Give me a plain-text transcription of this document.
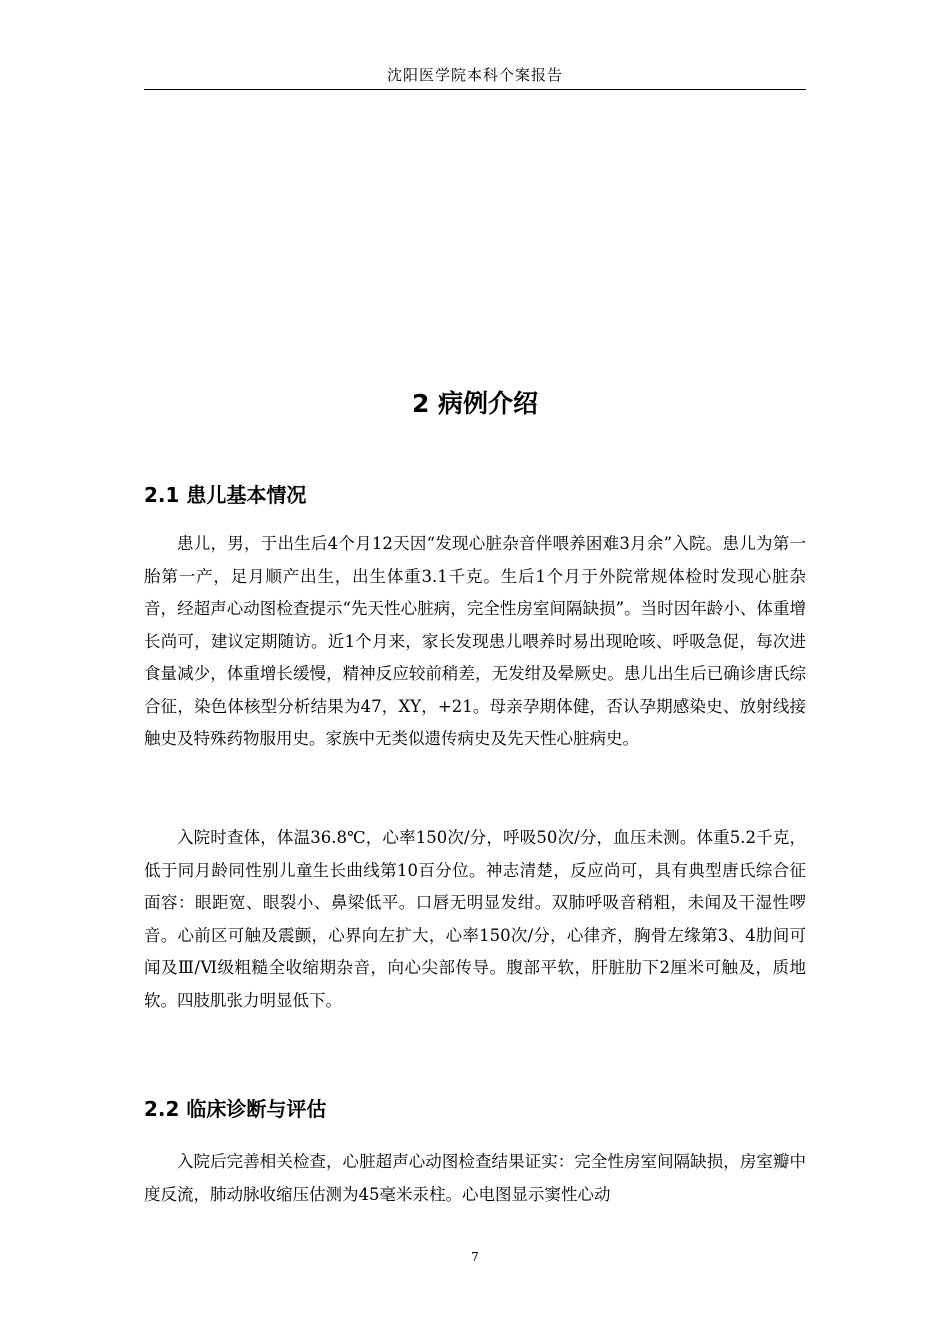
沈阳医学院本科个案报告
2 病例介绍
2.1 患儿基本情况

患儿，男，于出生后4个月12天因“发现心脏杂音伴喂养困难3月余”入院。患儿为第一胎第一产，足月顺产出生，出生体重3.1千克。生后1个月于外院常规体检时发现心脏杂音，经超声心动图检查提示“先天性心脏病，完全性房室间隔缺损”。当时因年龄小、体重增长尚可，建议定期随访。近1个月来，家长发现患儿喂养时易出现呛咳、呼吸急促，每次进食量减少，体重增长缓慢，精神反应较前稍差，无发绀及晕厥史。患儿出生后已确诊唐氏综合征，染色体核型分析结果为47，XY，+21。母亲孕期体健，否认孕期感染史、放射线接触史及特殊药物服用史。家族中无类似遗传病史及先天性心脏病史。

入院时查体，体温36.8℃，心率150次/分，呼吸50次/分，血压未测。体重5.2千克，低于同月龄同性别儿童生长曲线第10百分位。神志清楚，反应尚可，具有典型唐氏综合征面容：眼距宽、眼裂小、鼻梁低平。口唇无明显发绀。双肺呼吸音稍粗，未闻及干湿性啰音。心前区可触及震颤，心界向左扩大，心率150次/分，心律齐，胸骨左缘第3、4肋间可闻及Ⅲ/Ⅵ级粗糙全收缩期杂音，向心尖部传导。腹部平软，肝脏肋下2厘米可触及，质地软。四肢肌张力明显低下。

2.2 临床诊断与评估

入院后完善相关检查，心脏超声心动图检查结果证实：完全性房室间隔缺损，房室瓣中度反流，肺动脉收缩压估测为45毫米汞柱。心电图显示窦性心动

7
